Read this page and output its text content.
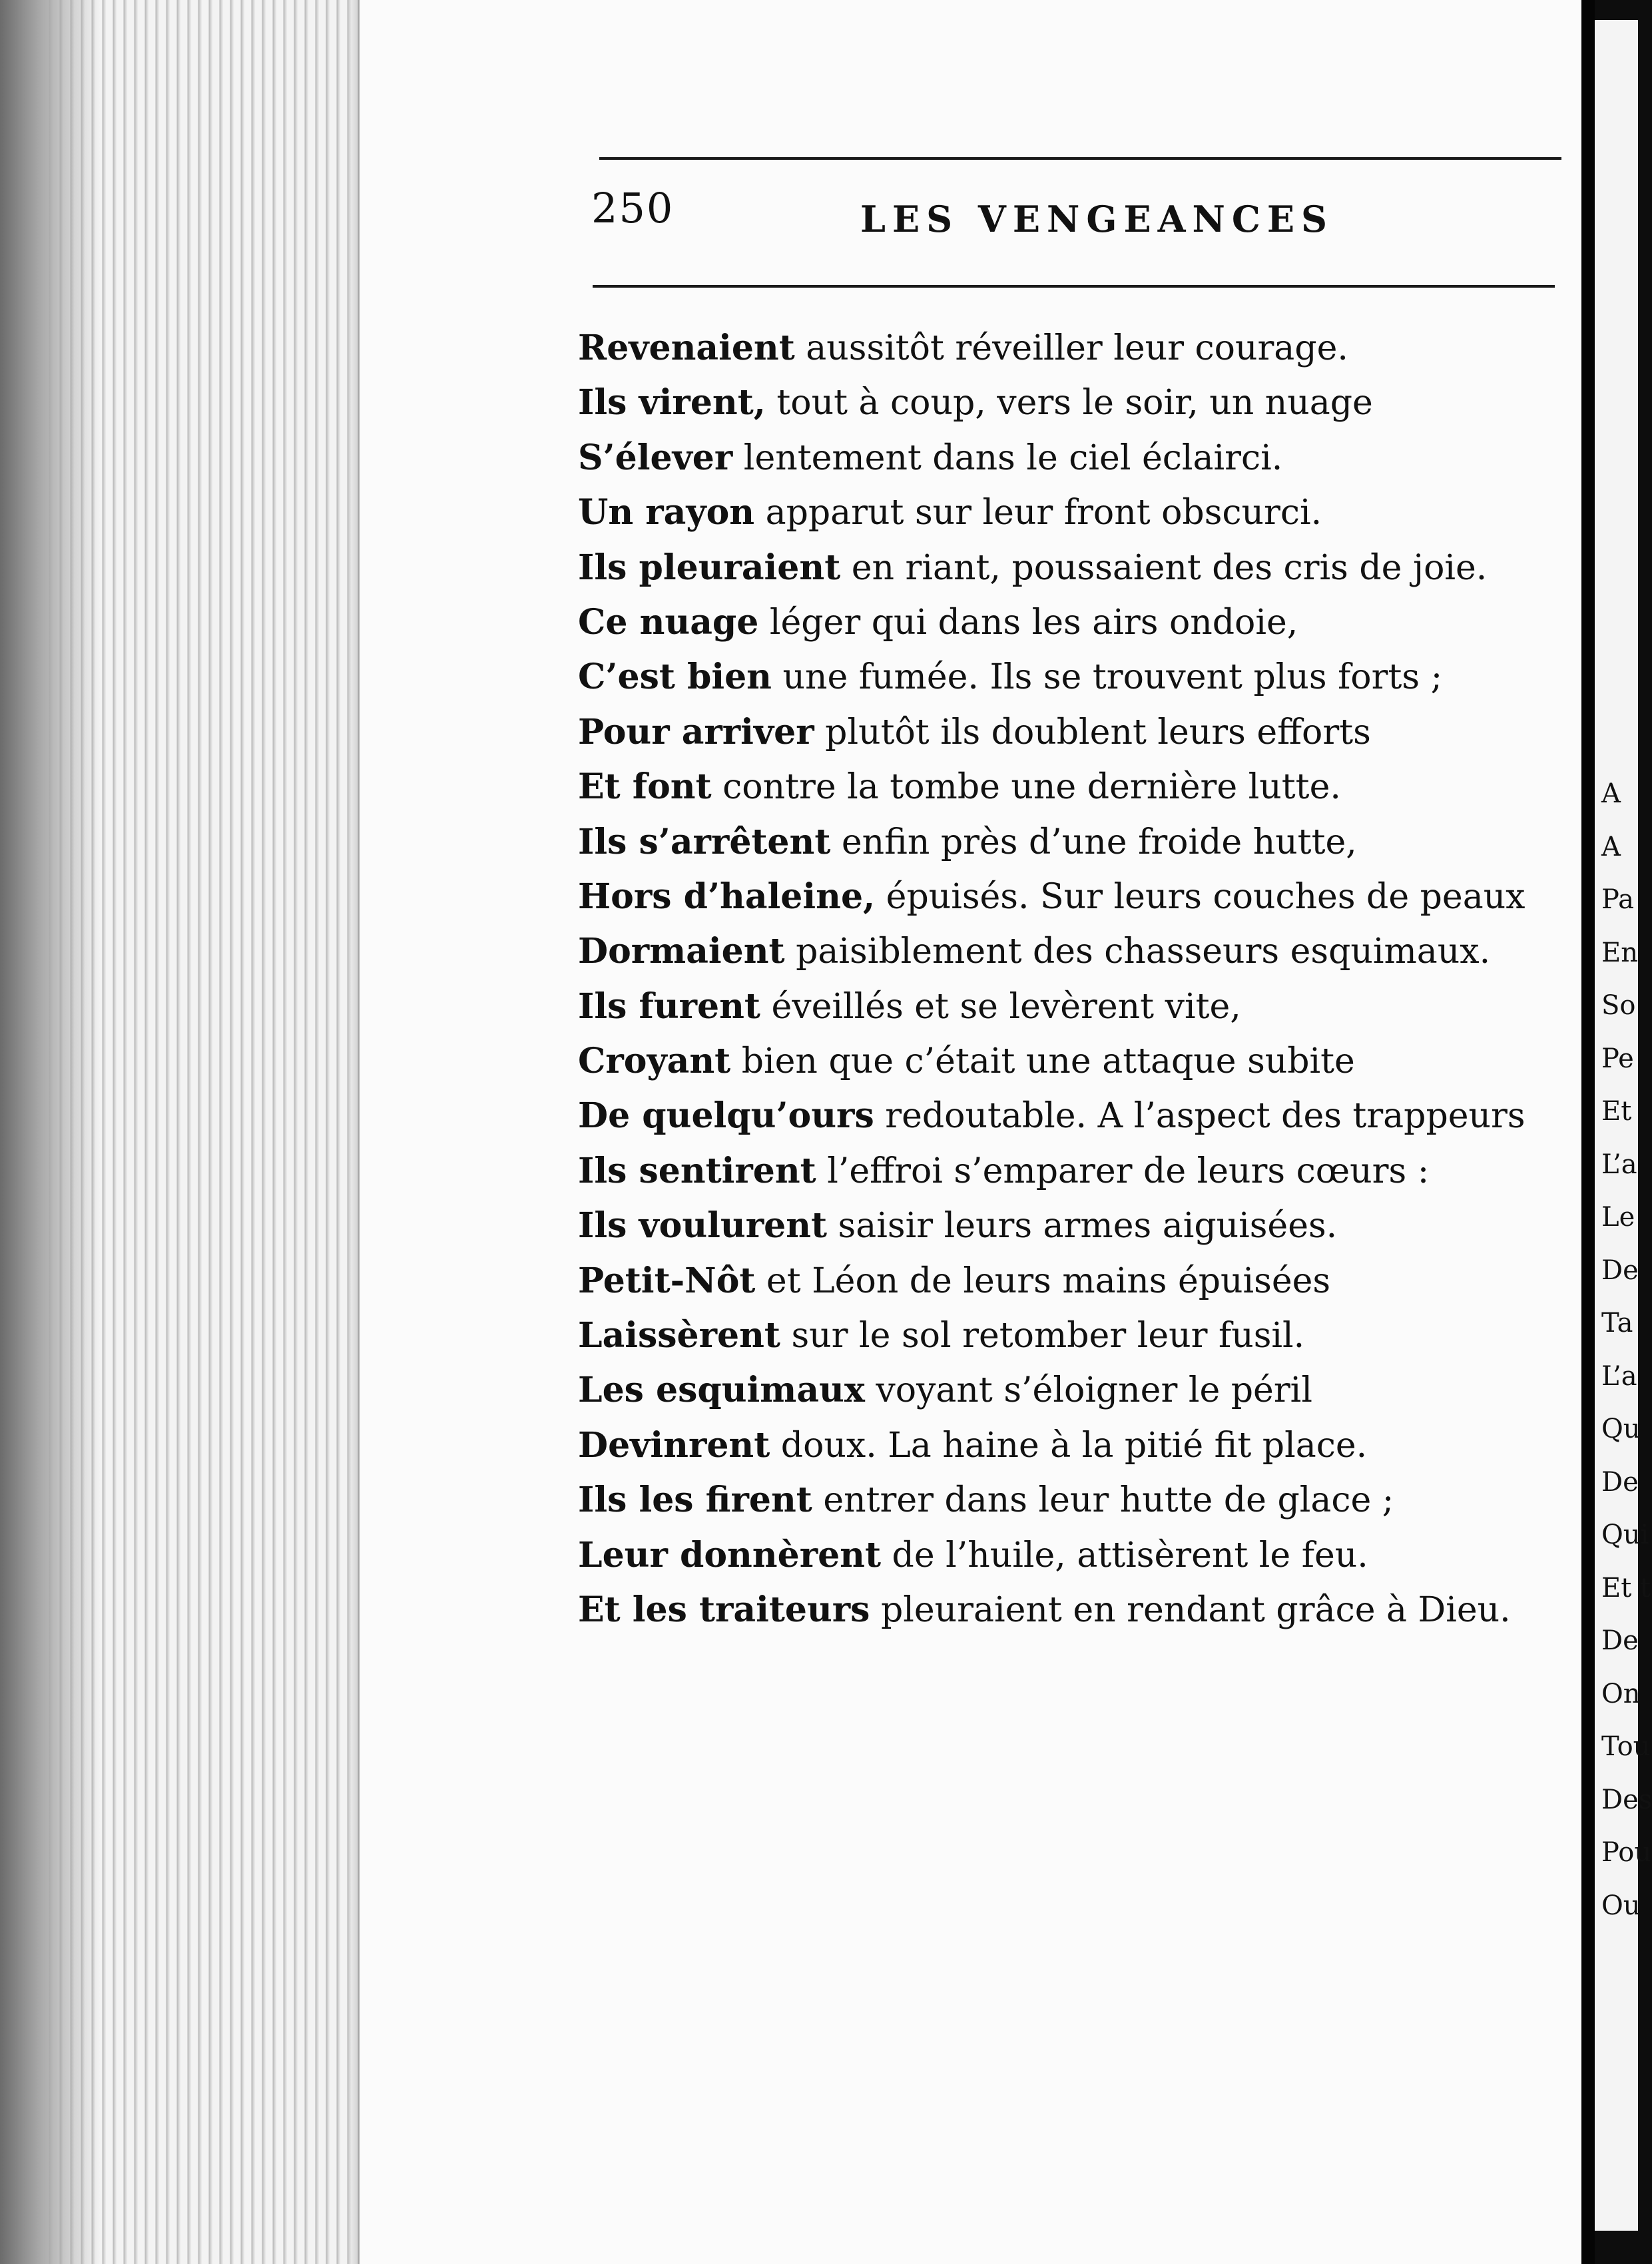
250	LES VENGEANCES
Revenaient aussitôt réveiller leur courage.
Ils virent, tout à coup, vers le soir, un nuage
S’élever lentement dans le ciel éclairci.
Un rayon apparut sur leur front obscurci.
Ils pleuraient en riant, poussaient des cris de joie.
Ce nuage léger qui dans les airs ondoie,
C’est bien une fumée. Ils se trouvent plus forts ;
Pour arriver plutôt ils doublent leurs efforts
Et font contre la tombe une dernière lutte.
Ils s’arrêtent enfin près d’une froide hutte,
Hors d’haleine, épuisés. Sur leurs couches de peaux
Dormaient paisiblement des chasseurs esquimaux.
Ils furent éveillés et se levèrent vite,
Croyant bien que c’était une attaque subite
De quelqu’ours redoutable. A l’aspect des trappeurs
Ils sentirent l’effroi s’emparer de leurs cœurs :
Ils voulurent saisir leurs armes aiguisées.
Petit-Nôt et Léon de leurs mains épuisées
Laissèrent sur le sol retomber leur fusil.
Les esquimaux voyant s’éloigner le péril
Devinrent doux. La haine à la pitié fit place.
Ils les firent entrer dans leur hutte de glace ;
Leur donnèrent de l’huile, attisèrent le feu.
Et les traiteurs pleuraient en rendant grâce à Dieu.
A
A
Pa
En
So
Pe
Et
L’a
Le
De
Ta
L’a
Qu
De
Qui
Et t
De
On
Tou
Des
Pou
Ou
